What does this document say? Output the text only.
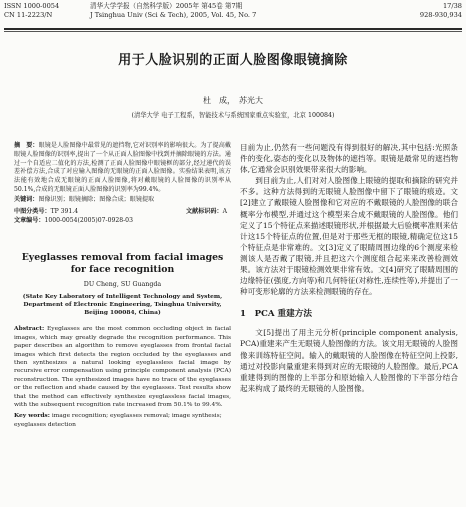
ISSN 1000-0054
CN 11-2223/N
清华大学学报（自然科学版）2005年 第45卷 第7期
J Tsinghua Univ (Sci & Tech), 2005, Vol. 45, No. 7
17/38
928-930,934
用于人脸识别的正面人脸图像眼镜摘除
杜　成，　苏光大
(清华大学 电子工程系，智能技术与系统国家重点实验室，北京 100084)

摘　要：眼镜是人脸图像中最常见的遮挡物,它对识别率的影响很大。为了提高戴眼镜人脸图像的识别率,提出了一个从正面人脸图像中找到并摘除眼镜的方法。通过一个自适应二值化的方法,检测了正面人脸图像中眼镜框的部分,经过递代的误差补偿方法,合成了对应输入图像的无眼镜的正面人脸图像。实验结果表明,该方法能有效地合成无眼镜的正面人脸图像,将对戴眼镜的人脸图像的识别率从50.1%,合成的无眼镜正面人脸图像的识别率为99.4%。

关键词：图像识别；眼镜摘除；图像合成；眼镜提取

中图分类号：TP 391.4	文献标识码：A

文章编号：1000-0054(2005)07-0928-03

Eyeglasses removal from facial images for face recognition
DU Cheng, SU Guangda
(State Key Laboratory of Intelligent Technology and System, Department of Electronic Engineering, Tsinghua University, Beijing 100084, China)

Abstract: Eyeglasses are the most common occluding object in facial images, which may greatly degrade the recognition performance. This paper describes an algorithm to remove eyeglasses from frontal facial images which first detects the region occluded by the eyeglasses and then synthesizes a natural looking eyeglassless facial image by recursive error compensation using principle component analysis (PCA) reconstruction. The synthesized images have no trace of the eyeglasses or the reflection and shade caused by the eyeglasses. Test results show that the method can effectively synthesize eyeglassless facial images, with the subsequent recognition rate increased from 50.1% to 99.4%.

Key words: image recognition; eyeglasses removal; image synthesis; eyeglasses detection

目前为止,仍然有一些问题没有得到很好的解决,其中包括:光照条件的变化,姿态的变化以及物体的遮挡等。眼镜是最常见的遮挡物体,它通常会识别效果带来很大的影响。

到目前为止,人们对对人脸图像上眼镜的提取和摘除的研究并不多。这种方法得到的无眼镜人脸图像中留下了眼镜的痕迹。文[2]建立了戴眼镜人脸图像和它对应的不戴眼镜的人脸图像的联合概率分布模型,并通过这个模型来合成不戴眼镜的人脸图像。他们定义了15个特征点来描述眼镜形状,并根据最大后验概率准则来估计这15个特征点的位置,但是对于那些无框的眼镜,精确定位这15个特征点是非常难的。文[3]定义了眼睛周围边缘的6个测度来检测该人是否戴了眼镜,并且把这六个测度组合起来来改善检测效果。该方法对于眼镜检测效果非常有效。文[4]研究了眼睛周围的边缘特征(强度,方向等)和几何特征(对称性,连续性等),并提出了一种可变形轮廓的方法来检测眼镜的存在。

1　PCA 重建方法

文[5]提出了用主元分析(principle component analysis, PCA)重建来产生无眼镜人脸图像的方法。该文用无眼镜的人脸图像来训练特征空间。输入的戴眼镜的人脸图像在特征空间上投影,通过对投影向量重建来得到对应的无眼镜的人脸图像。最后,PCA重建得到的图像的上半部分和原始输入人脸图像的下半部分结合起来构成了最终的无眼镜的人脸图像。
